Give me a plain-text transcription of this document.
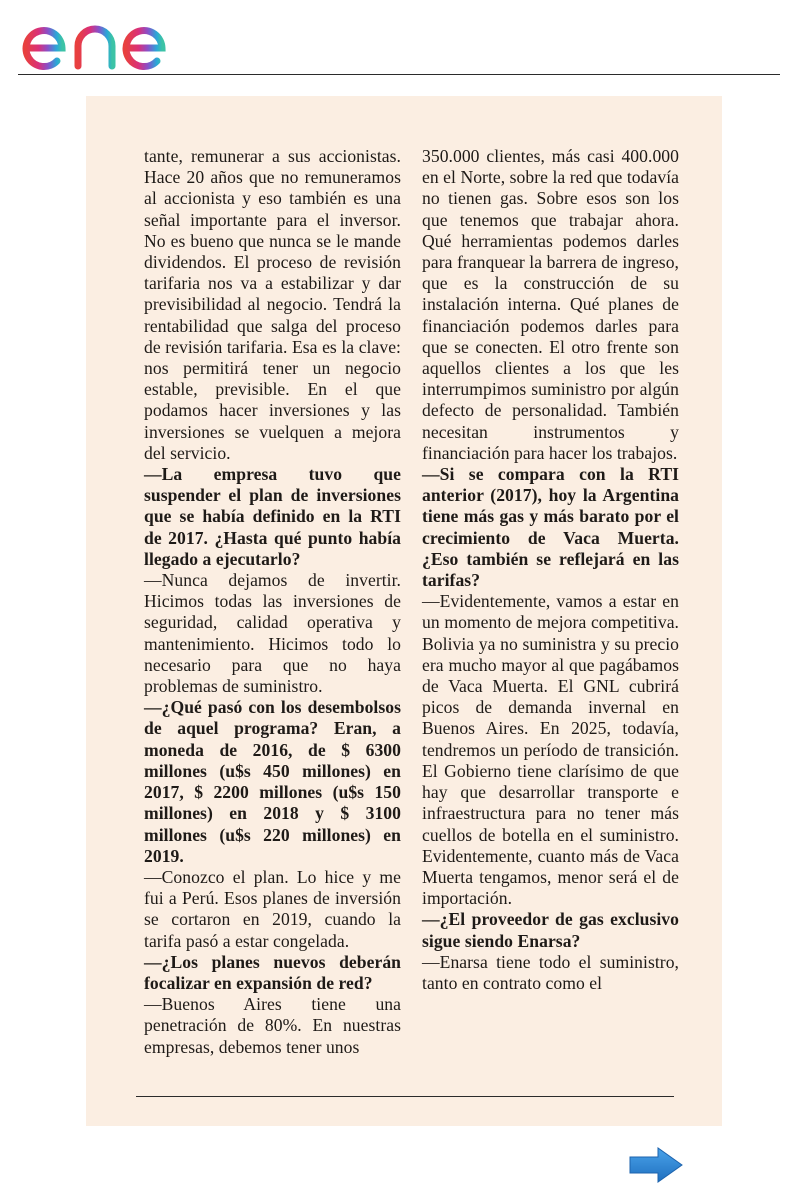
tante, remunerar a sus accionistas. Hace 20 años que no remuneramos al accionista y eso también es una señal importante para el inversor. No es bueno que nunca se le mande dividendos. El proceso de revisión tarifaria nos va a estabilizar y dar previsibilidad al negocio. Tendrá la rentabilidad que salga del proceso de revisión tarifaria. Esa es la clave: nos permitirá tener un negocio estable, previsible. En el que podamos hacer inversiones y las inversiones se vuelquen a mejora del servicio.

—La empresa tuvo que suspender el plan de inversiones que se había definido en la RTI de 2017. ¿Hasta qué punto había llegado a ejecutarlo?

—Nunca dejamos de invertir. Hicimos todas las inversiones de seguridad, calidad operativa y mantenimiento. Hicimos todo lo necesario para que no haya problemas de suministro.

—¿Qué pasó con los desembolsos de aquel programa? Eran, a moneda de 2016, de $ 6300 millones (u$s 450 millones) en 2017, $ 2200 millones (u$s 150 millones) en 2018 y $ 3100 millones (u$s 220 millones) en 2019.

—Conozco el plan. Lo hice y me fui a Perú. Esos planes de inversión se cortaron en 2019, cuando la tarifa pasó a estar congelada.

—¿Los planes nuevos deberán focalizar en expansión de red?

—Buenos Aires tiene una penetración de 80%. En nuestras empresas, debemos tener unos

350.000 clientes, más casi 400.000 en el Norte, sobre la red que todavía no tienen gas. Sobre esos son los que tenemos que trabajar ahora. Qué herramientas podemos darles para franquear la barrera de ingreso, que es la construcción de su instalación interna. Qué planes de financiación podemos darles para que se conecten. El otro frente son aquellos clientes a los que les interrumpimos suministro por algún defecto de personalidad. También necesitan instrumentos y financiación para hacer los trabajos.

—Si se compara con la RTI anterior (2017), hoy la Argentina tiene más gas y más barato por el crecimiento de Vaca Muerta. ¿Eso también se reflejará en las tarifas?

—Evidentemente, vamos a estar en un momento de mejora competitiva. Bolivia ya no suministra y su precio era mucho mayor al que pagábamos de Vaca Muerta. El GNL cubrirá picos de demanda invernal en Buenos Aires. En 2025, todavía, tendremos un período de transición. El Gobierno tiene clarísimo de que hay que desarrollar transporte e infraestructura para no tener más cuellos de botella en el suministro. Evidentemente, cuanto más de Vaca Muerta tengamos, menor será el de importación.

—¿El proveedor de gas exclusivo sigue siendo Enarsa?

—Enarsa tiene todo el suministro, tanto en contrato como el
